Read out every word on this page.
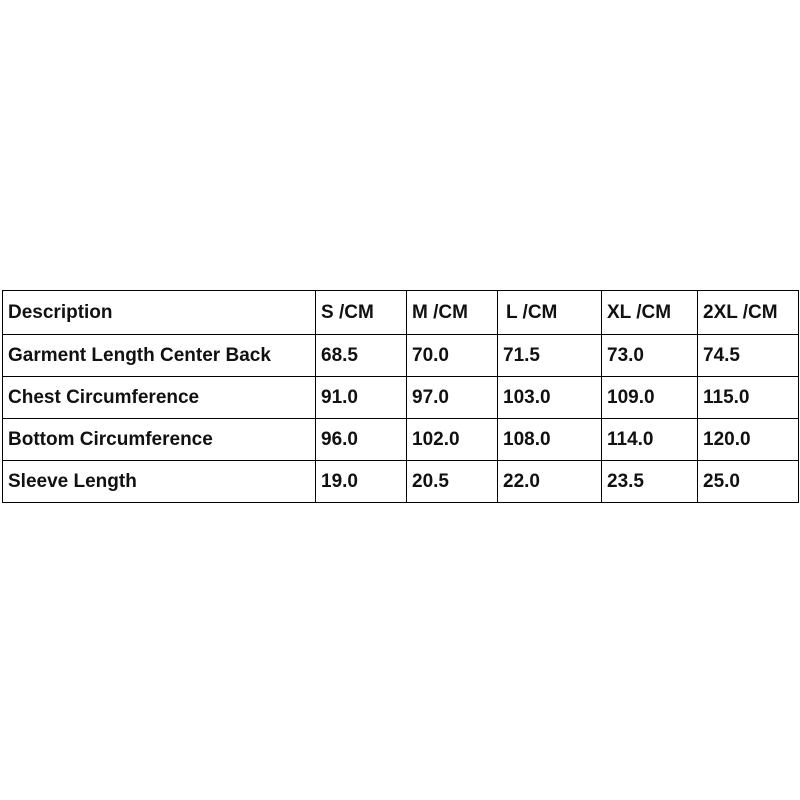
Description	S /CM	M /CM	L /CM	XL /CM	2XL /CM
Garment Length Center Back	68.5	70.0	71.5	73.0	74.5
Chest Circumference	91.0	97.0	103.0	109.0	115.0
Bottom Circumference	96.0	102.0	108.0	114.0	120.0
Sleeve Length	19.0	20.5	22.0	23.5	25.0
